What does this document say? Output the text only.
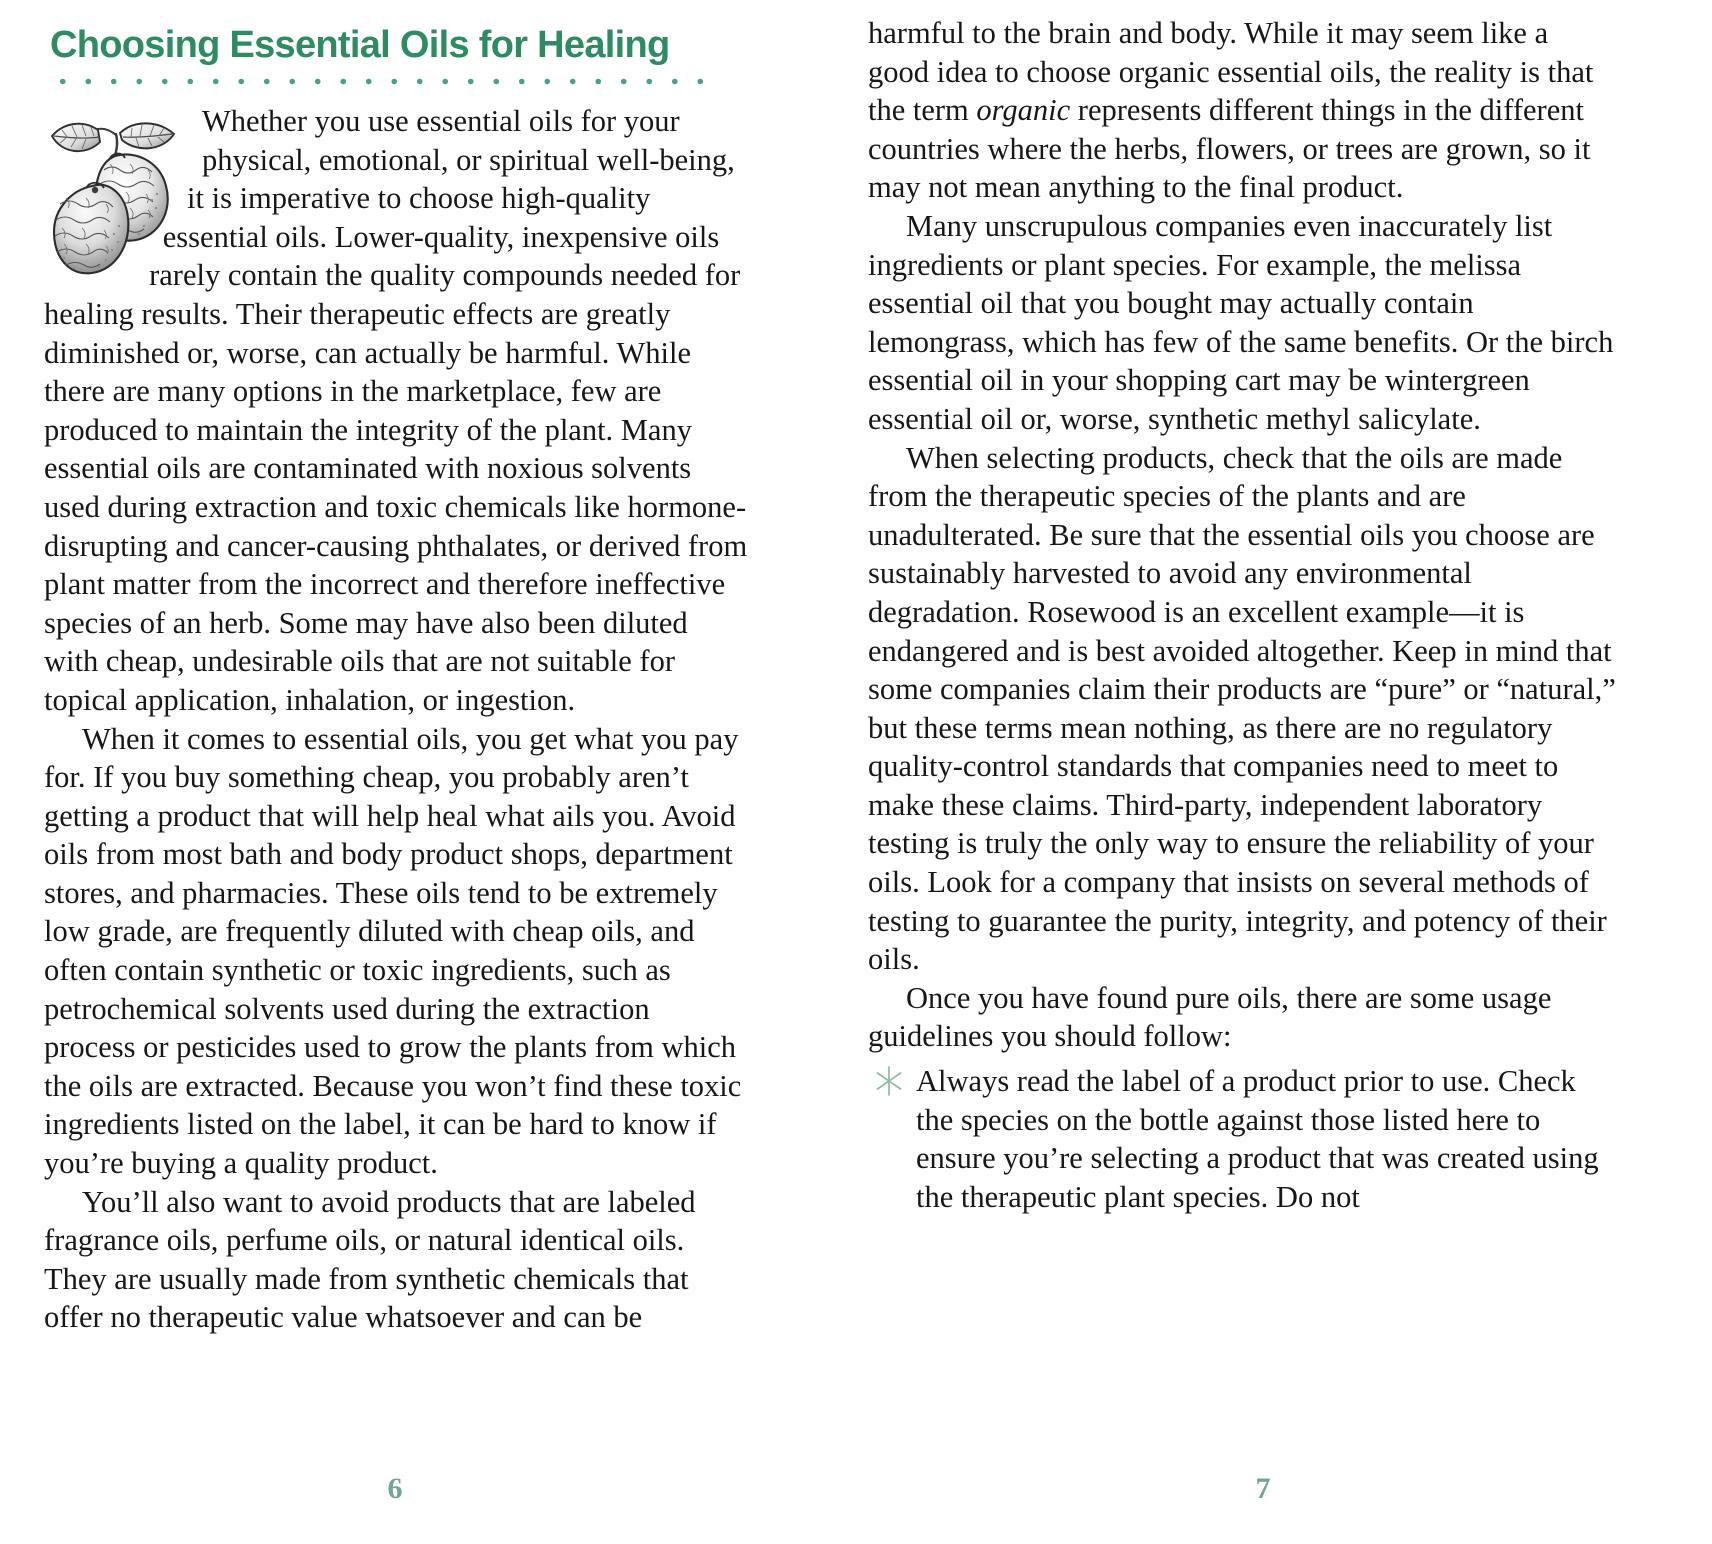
Choosing Essential Oils for Healing

Whether you use essential oils for your physical, emotional, or spiritual well-being, it is imperative to choose high-quality essential oils. Lower-quality, inexpensive oils rarely contain the quality compounds needed for healing results. Their therapeutic effects are greatly diminished or, worse, can actually be harmful. While there are many options in the marketplace, few are produced to maintain the integrity of the plant. Many essential oils are contaminated with noxious solvents used during extraction and toxic chemicals like hormone-disrupting and cancer-causing phthalates, or derived from plant matter from the incorrect and therefore ineffective species of an herb. Some may have also been diluted with cheap, undesirable oils that are not suitable for topical application, inhalation, or ingestion.

When it comes to essential oils, you get what you pay for. If you buy something cheap, you probably aren’t getting a product that will help heal what ails you. Avoid oils from most bath and body product shops, department stores, and pharmacies. These oils tend to be extremely low grade, are frequently diluted with cheap oils, and often contain synthetic or toxic ingredients, such as petrochemical solvents used during the extraction process or pesticides used to grow the plants from which the oils are extracted. Because you won’t find these toxic ingredients listed on the label, it can be hard to know if you’re buying a quality product.

You’ll also want to avoid products that are labeled fragrance oils, perfume oils, or natural identical oils. They are usually made from synthetic chemicals that offer no therapeutic value whatsoever and can be

harmful to the brain and body. While it may seem like a good idea to choose organic essential oils, the reality is that the term organic represents different things in the different countries where the herbs, flowers, or trees are grown, so it may not mean anything to the final product.

Many unscrupulous companies even inaccurately list ingredients or plant species. For example, the melissa essential oil that you bought may actually contain lemongrass, which has few of the same benefits. Or the birch essential oil in your shopping cart may be wintergreen essential oil or, worse, synthetic methyl salicylate.

When selecting products, check that the oils are made from the therapeutic species of the plants and are unadulterated. Be sure that the essential oils you choose are sustainably harvested to avoid any environmental degradation. Rosewood is an excellent example—it is endangered and is best avoided altogether. Keep in mind that some companies claim their products are “pure” or “natural,” but these terms mean nothing, as there are no regulatory quality-control standards that companies need to meet to make these claims. Third-party, independent laboratory testing is truly the only way to ensure the reliability of your oils. Look for a company that insists on several methods of testing to guarantee the purity, integrity, and potency of their oils.

Once you have found pure oils, there are some usage guidelines you should follow:

Always read the label of a product prior to use. Check the species on the bottle against those listed here to ensure you’re selecting a product that was created using the therapeutic plant species. Do not
6	7
